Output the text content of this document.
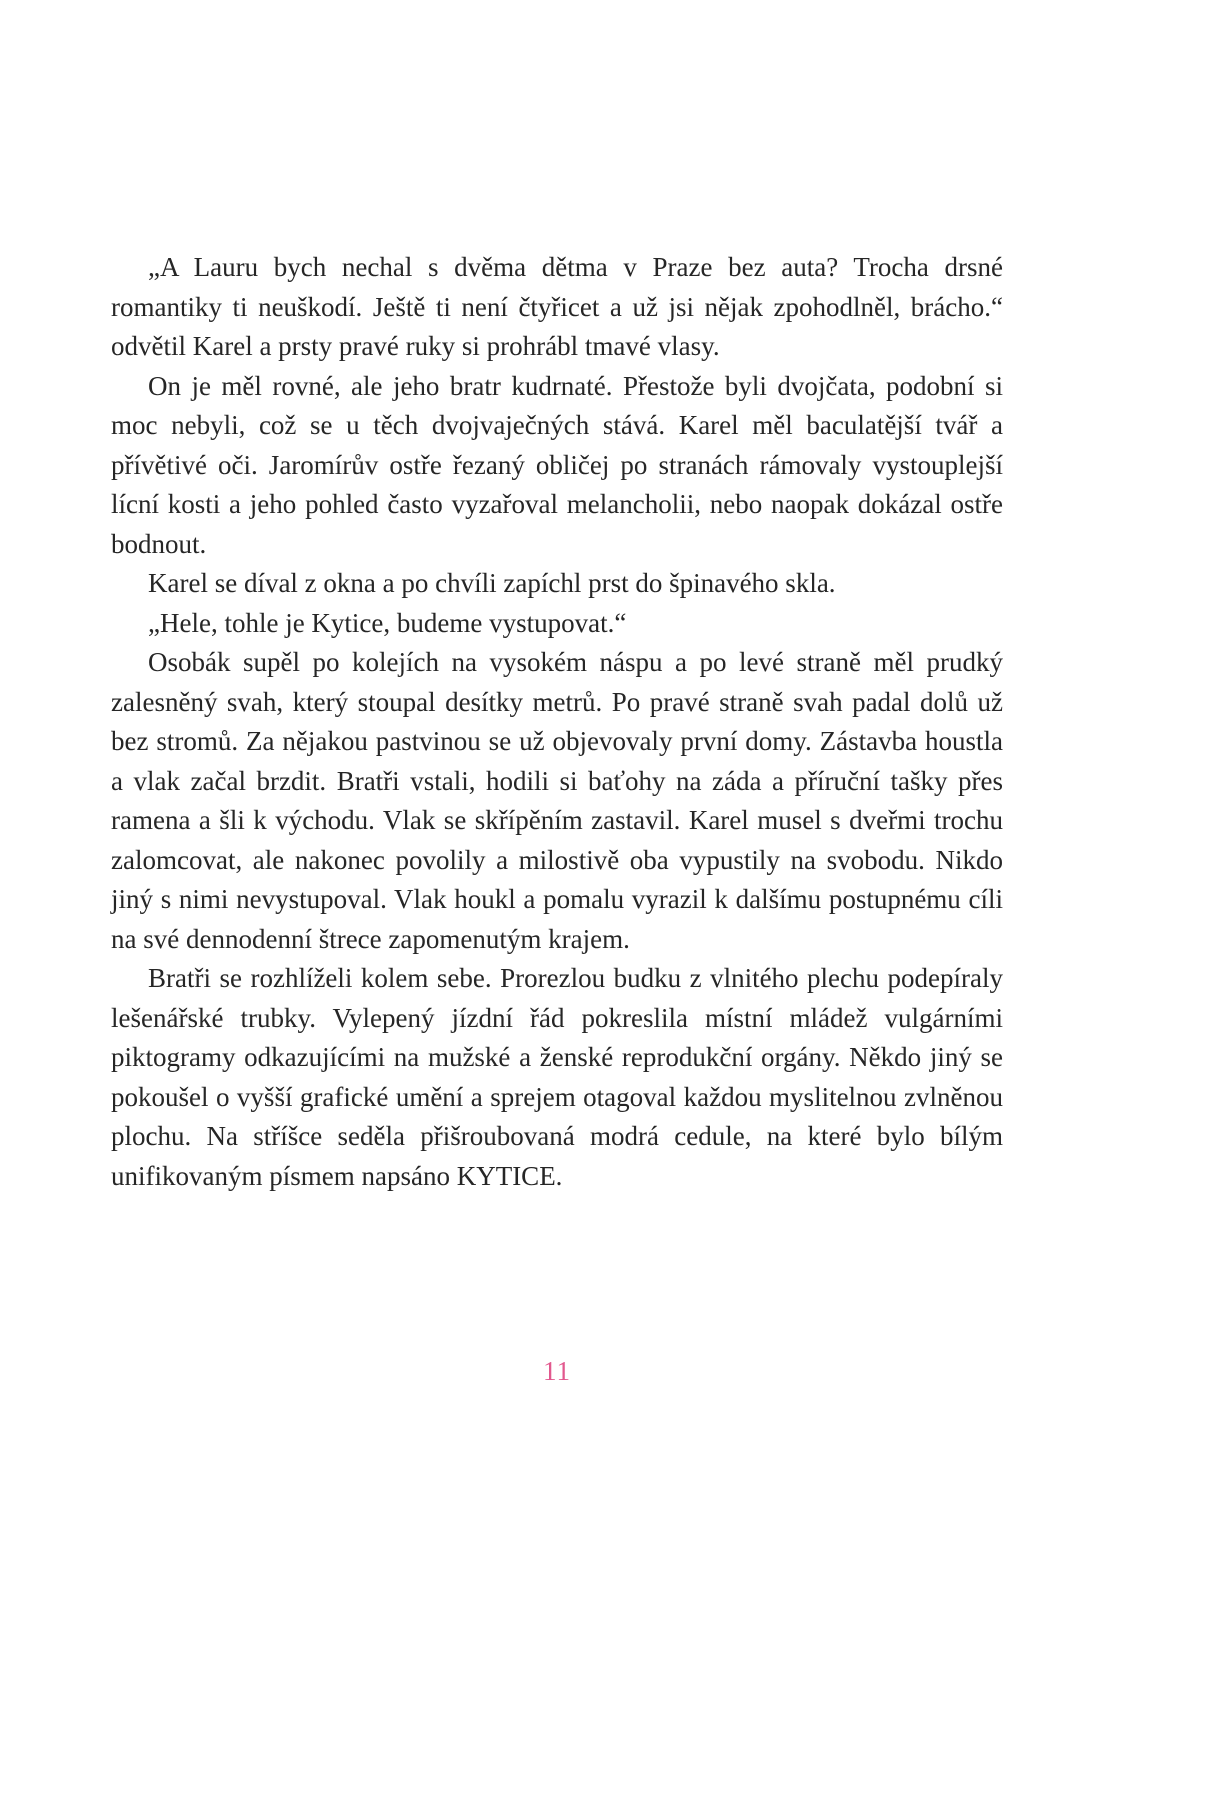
„A Lauru bych nechal s dvěma dětma v Praze bez auta? Trocha drsné romantiky ti neuškodí. Ještě ti není čtyřicet a už jsi nějak zpohodlněl, brácho.“ odvětil Karel a prsty pravé ruky si prohrábl tmavé vlasy.

On je měl rovné, ale jeho bratr kudrnaté. Přestože byli dvojčata, podobní si moc nebyli, což se u těch dvojvaječných stává. Karel měl baculatější tvář a přívětivé oči. Jaromírův ostře řezaný obličej po stranách rámovaly vystouplejší lícní kosti a jeho pohled často vyzařoval melancholii, nebo naopak dokázal ostře bodnout.

Karel se díval z okna a po chvíli zapíchl prst do špinavého skla.

„Hele, tohle je Kytice, budeme vystupovat.“

Osobák supěl po kolejích na vysokém náspu a po levé straně měl prudký zalesněný svah, který stoupal desítky metrů. Po pravé straně svah padal dolů už bez stromů. Za nějakou pastvinou se už objevovaly první domy. Zástavba houstla a vlak začal brzdit. Bratři vstali, hodili si baťohy na záda a příruční tašky přes ramena a šli k východu. Vlak se skřípěním zastavil. Karel musel s dveřmi trochu zalomcovat, ale nakonec povolily a milostivě oba vypustily na svobodu. Nikdo jiný s nimi nevystupoval. Vlak houkl a pomalu vyrazil k dalšímu postupnému cíli na své dennodenní štrece zapomenutým krajem.

Bratři se rozhlíželi kolem sebe. Prorezlou budku z vlnitého plechu podepíraly lešenářské trubky. Vylepený jízdní řád pokreslila místní mládež vulgárními piktogramy odkazujícími na mužské a ženské reprodukční orgány. Někdo jiný se pokoušel o vyšší grafické umění a sprejem otagoval každou myslitelnou zvlněnou plochu. Na stříšce seděla přišroubovaná modrá cedule, na které bylo bílým unifikovaným písmem napsáno KYTICE.

11
